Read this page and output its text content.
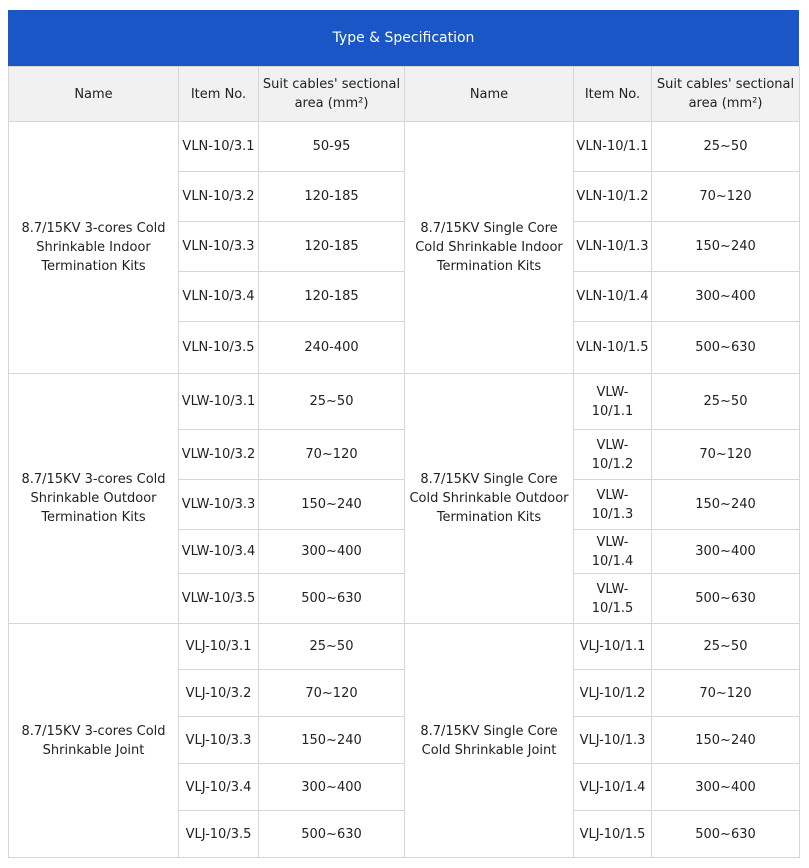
Type & Specification
Name	Item No.	Suit cables' sectional area (mm²)	Name	Item No.	Suit cables' sectional area (mm²)
8.7/15KV 3-cores Cold Shrinkable Indoor Termination Kits	VLN-10/3.1	50-95	8.7/15KV Single Core Cold Shrinkable Indoor Termination Kits	VLN-10/1.1	25~50
	VLN-10/3.2	120-185		VLN-10/1.2	70~120
	VLN-10/3.3	120-185		VLN-10/1.3	150~240
	VLN-10/3.4	120-185		VLN-10/1.4	300~400
	VLN-10/3.5	240-400		VLN-10/1.5	500~630
8.7/15KV 3-cores Cold Shrinkable Outdoor Termination Kits	VLW-10/3.1	25~50	8.7/15KV Single Core Cold Shrinkable Outdoor Termination Kits	VLW-10/1.1	25~50
	VLW-10/3.2	70~120		VLW-10/1.2	70~120
	VLW-10/3.3	150~240		VLW-10/1.3	150~240
	VLW-10/3.4	300~400		VLW-10/1.4	300~400
	VLW-10/3.5	500~630		VLW-10/1.5	500~630
8.7/15KV 3-cores Cold Shrinkable Joint	VLJ-10/3.1	25~50	8.7/15KV Single Core Cold Shrinkable Joint	VLJ-10/1.1	25~50
	VLJ-10/3.2	70~120		VLJ-10/1.2	70~120
	VLJ-10/3.3	150~240		VLJ-10/1.3	150~240
	VLJ-10/3.4	300~400		VLJ-10/1.4	300~400
	VLJ-10/3.5	500~630		VLJ-10/1.5	500~630
